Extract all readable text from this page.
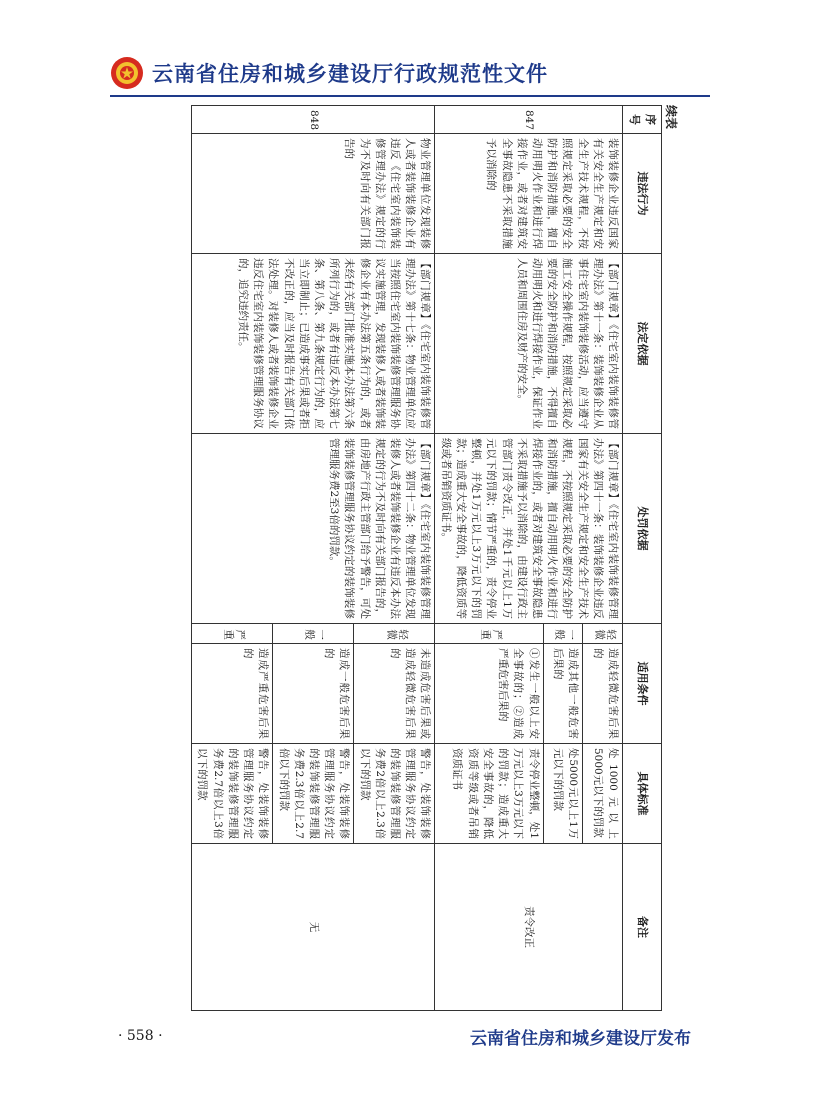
云南省住房和城乡建设厅行政规范性文件
续表
序号	违法行为	法定依据	处罚依据	适用条件		具体标准	备注
847	装饰装修企业违反国家有关安全生产规定和安全生产技术规程，不按照规定采取必要的安全防护和消防措施，擅自动用明火作业和进行焊接作业，或者对建筑安全事故隐患不采取措施予以消除的	【部门规章】《住宅室内装饰装修管理办法》第十一条：装饰装修企业从事住宅室内装饰装修活动，应当遵守施工安全操作规程，按照规定采取必要的安全防护和消防措施，不得擅自动用明火和进行焊接作业，保证作业人员和周围住房及财产的安全。	【部门规章】《住宅室内装饰装修管理办法》第四十一条：装饰装修企业违反国家有关安全生产规定和安全生产技术规程，不按照规定采取必要的安全防护和消防措施，擅自动用明火作业和进行焊接作业的，或者对建筑安全事故隐患不采取措施予以消除的，由建设行政主管部门责令改正，并处1千元以上1万元以下的罚款；情节严重的，责令停业整顿，并处1万元以上3万元以下的罚款；造成重大安全事故的，降低资质等级或者吊销资质证书。	轻微	造成轻微危害后果的	处1000元以上5000元以下的罚款	责令改正
				一般	造成其他一般危害后果的	处5000元以上1万元以下的罚款	
				严重	①发生一般以上安全事故的；②造成严重危害后果的	责令停业整顿，处1万元以上3万元以下的罚款；造成重大安全事故的，降低资质等级或者吊销资质证书	
848	物业管理单位发现装修人或者装饰装修企业有违反《住宅室内装饰装修管理办法》规定的行为不及时向有关部门报告的	【部门规章】《住宅室内装饰装修管理办法》第十七条：物业管理单位应当按照住宅室内装饰装修管理服务协议实施管理，发现装修人或者装饰装修企业有本办法第五条行为的，或者未经有关部门批准实施本办法第六条所列行为的，或者有违反本办法第七条、第八条、第九条规定行为的，应当立即制止；已造成事实后果或者拒不改正的，应当及时报告有关部门依法处理。对装修人或者装饰装修企业违反住宅室内装饰装修管理服务协议的，追究违约责任。	【部门规章】《住宅室内装饰装修管理办法》第四十二条：物业管理单位发现装修人或者装饰装修企业有违反本办法规定的行为不及时向有关部门报告的，由房地产行政主管部门给予警告，可处装饰装修管理服务协议约定的装饰装修管理服务费2至3倍的罚款。	轻微	未造成危害后果或造成轻微危害后果的	警告，处装饰装修管理服务协议约定的装饰装修管理服务费2倍以上2.3倍以下的罚款	无
				一般	造成一般危害后果的	警告，处装饰装修管理服务协议约定的装饰装修管理服务费2.3倍以上2.7倍以下的罚款	
				严重	造成严重危害后果的	警告，处装饰装修管理服务协议约定的装饰装修管理服务费2.7倍以上3倍以下的罚款	
· 558 ·	云南省住房和城乡建设厅发布
